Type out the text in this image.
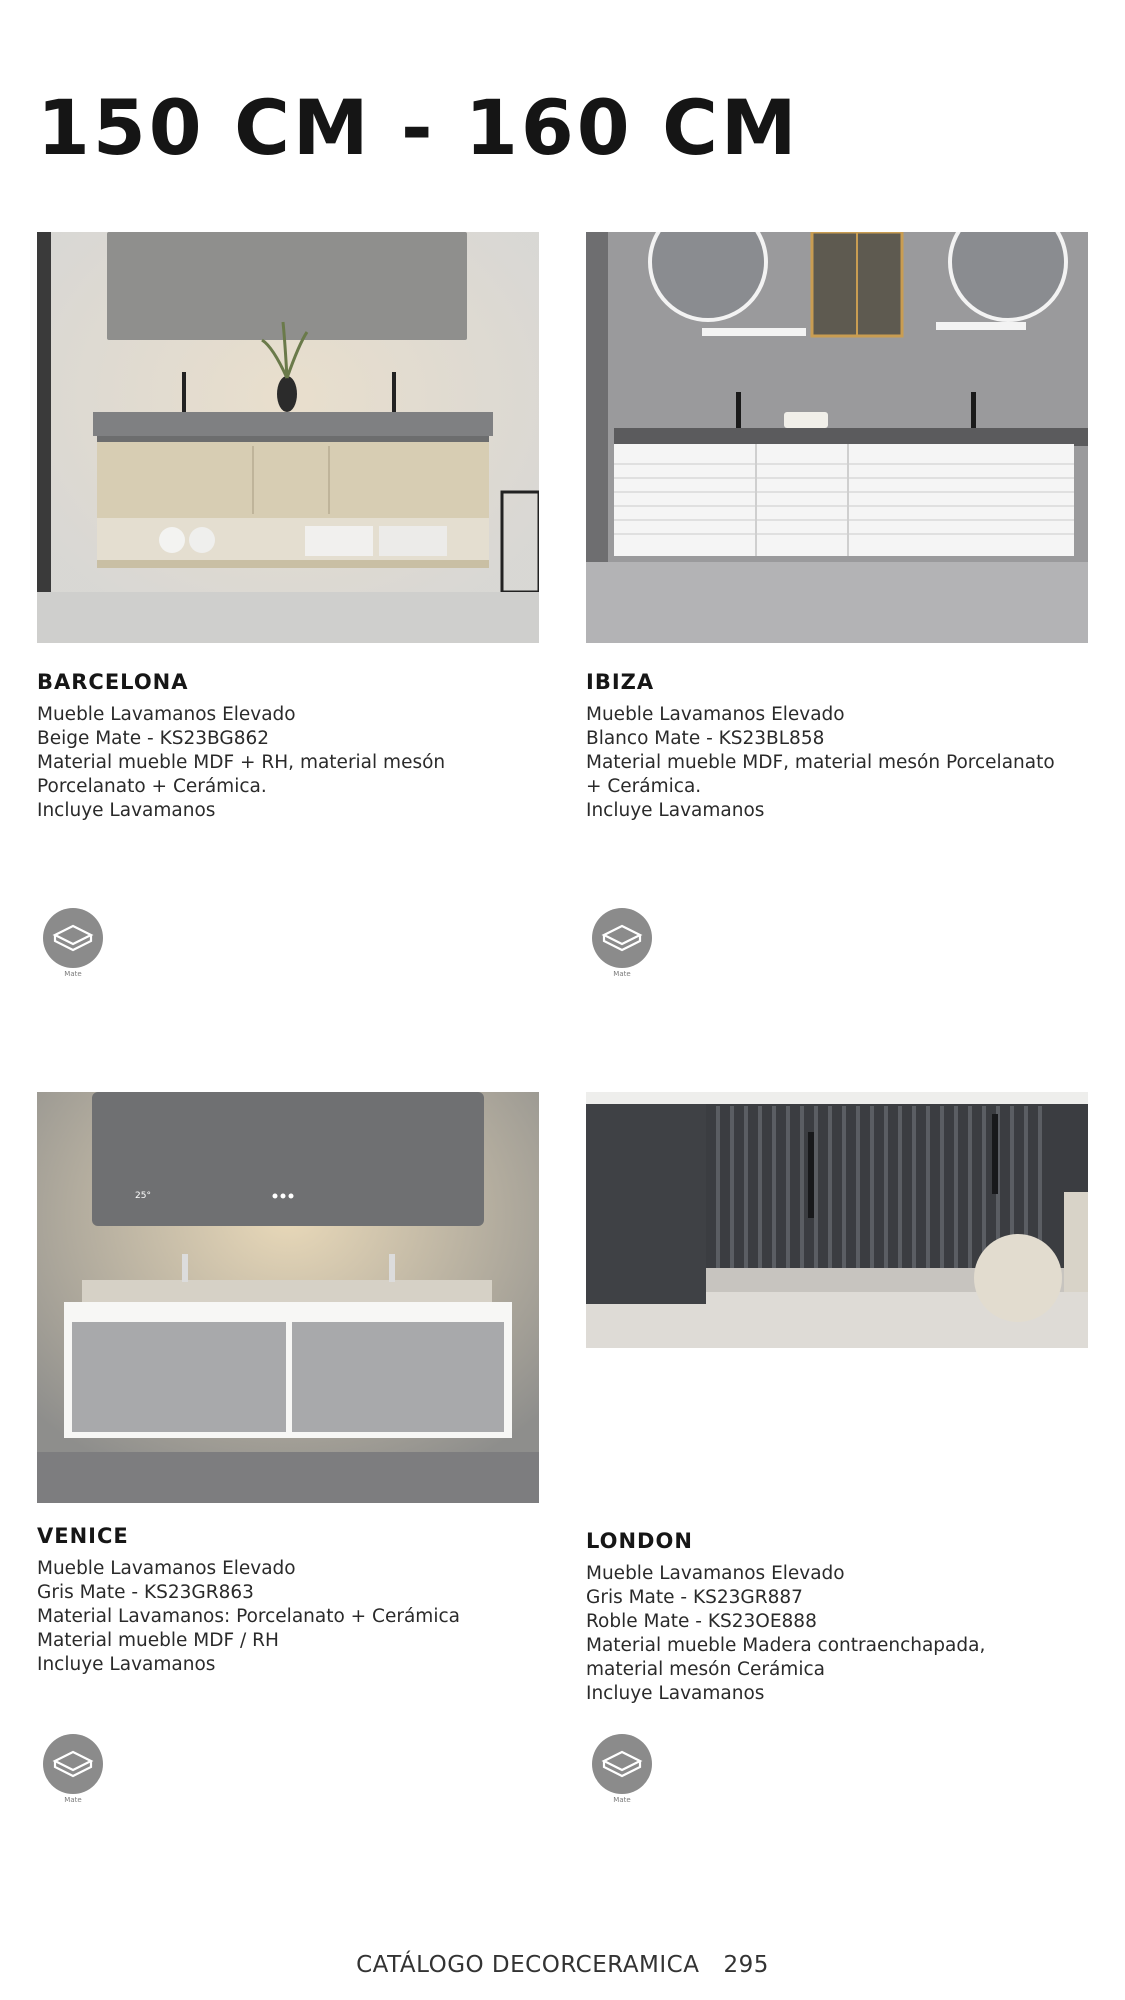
150 CM - 160 CM
BARCELONA
Mueble Lavamanos Elevado
Beige Mate - KS23BG862
Material mueble MDF + RH, material mesón
Porcelanato + Cerámica.
Incluye Lavamanos
Mate
IBIZA
Mueble Lavamanos Elevado
Blanco Mate - KS23BL858
Material mueble MDF, material mesón Porcelanato
+ Cerámica.
Incluye Lavamanos
Mate
25°
VENICE
Mueble Lavamanos Elevado
Gris Mate - KS23GR863
Material Lavamanos: Porcelanato + Cerámica
Material mueble MDF / RH
Incluye Lavamanos
Mate
LONDON
Mueble Lavamanos Elevado
Gris Mate - KS23GR887
Roble Mate - KS23OE888
Material mueble Madera contraenchapada,
material mesón Cerámica
Incluye Lavamanos
Mate
CATÁLOGO DECORCERAMICA 295
